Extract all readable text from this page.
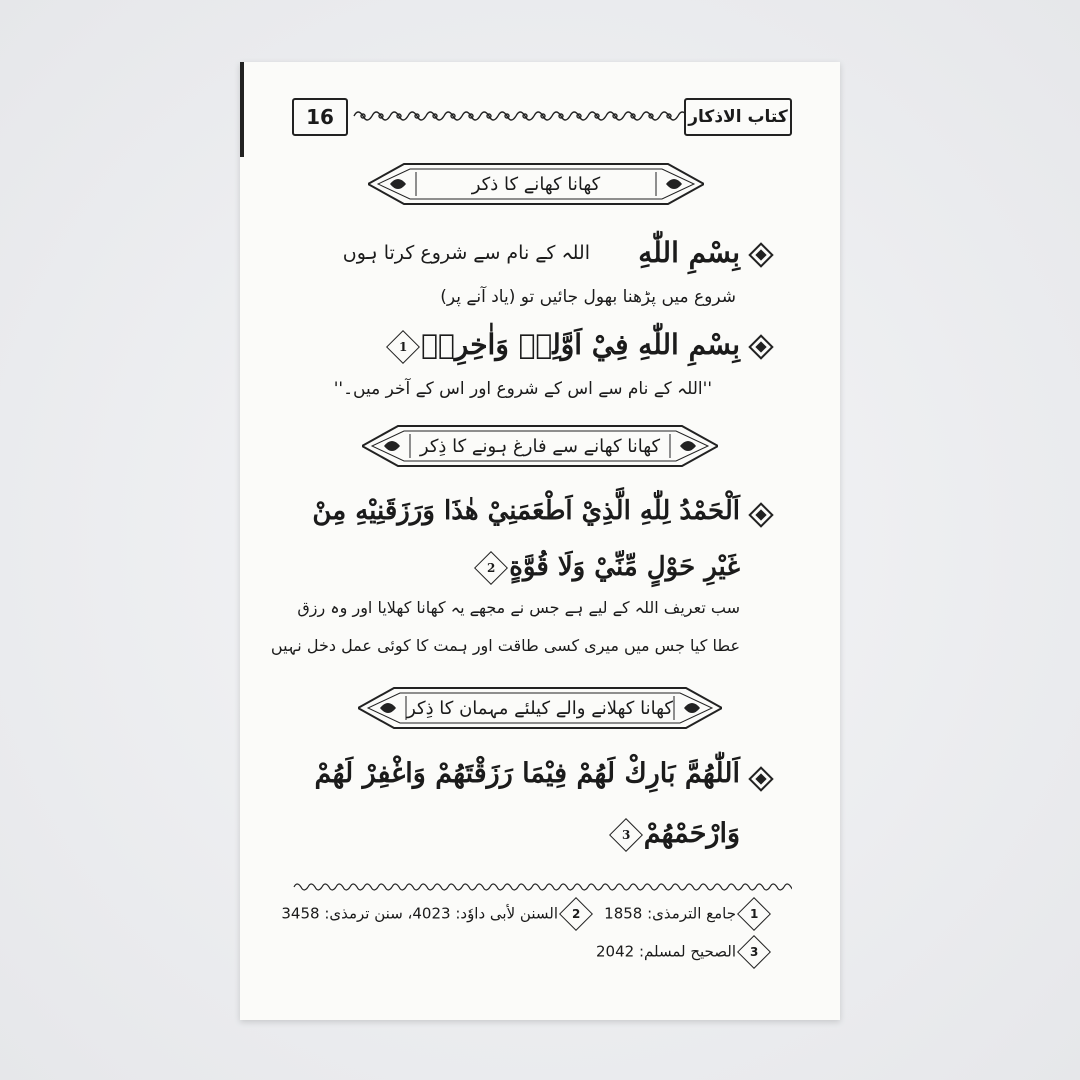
16	کتاب الاذکار
کھانا کھانے کا ذکر
بِسْمِ اللّٰهِ
اللہ کے نام سے شروع کرتا ہوں
شروع میں پڑھنا بھول جائیں تو (یاد آنے پر)
بِسْمِ اللّٰهِ فِيْ اَوَّلِهٖ وَاٰخِرِهٖ
1
''اللہ کے نام سے اس کے شروع اور اس کے آخر میں۔''
کھانا کھانے سے فارغ ہونے کا ذِکر
اَلْحَمْدُ لِلّٰهِ الَّذِيْ اَطْعَمَنِيْ هٰذَا وَرَزَقَنِيْهِ مِنْ
غَيْرِ حَوْلٍ مِّنِّيْ وَلَا قُوَّةٍ
2
سب تعریف اللہ کے لیے ہے جس نے مجھے یہ کھانا کھلایا اور وہ رزق
عطا کیا جس میں میری کسی طاقت اور ہمت کا کوئی عمل دخل نہیں
کھانا کھلانے والے کیلئے مہمان کا ذِکر
اَللّٰهُمَّ بَارِكْ لَهُمْ فِيْمَا رَزَقْتَهُمْ وَاغْفِرْ لَهُمْ
وَارْحَمْهُمْ
3
1
جامع الترمذی: 1858
2
السنن لأبی داوٗد: 4023، سنن ترمذی: 3458
3
الصحیح لمسلم: 2042
